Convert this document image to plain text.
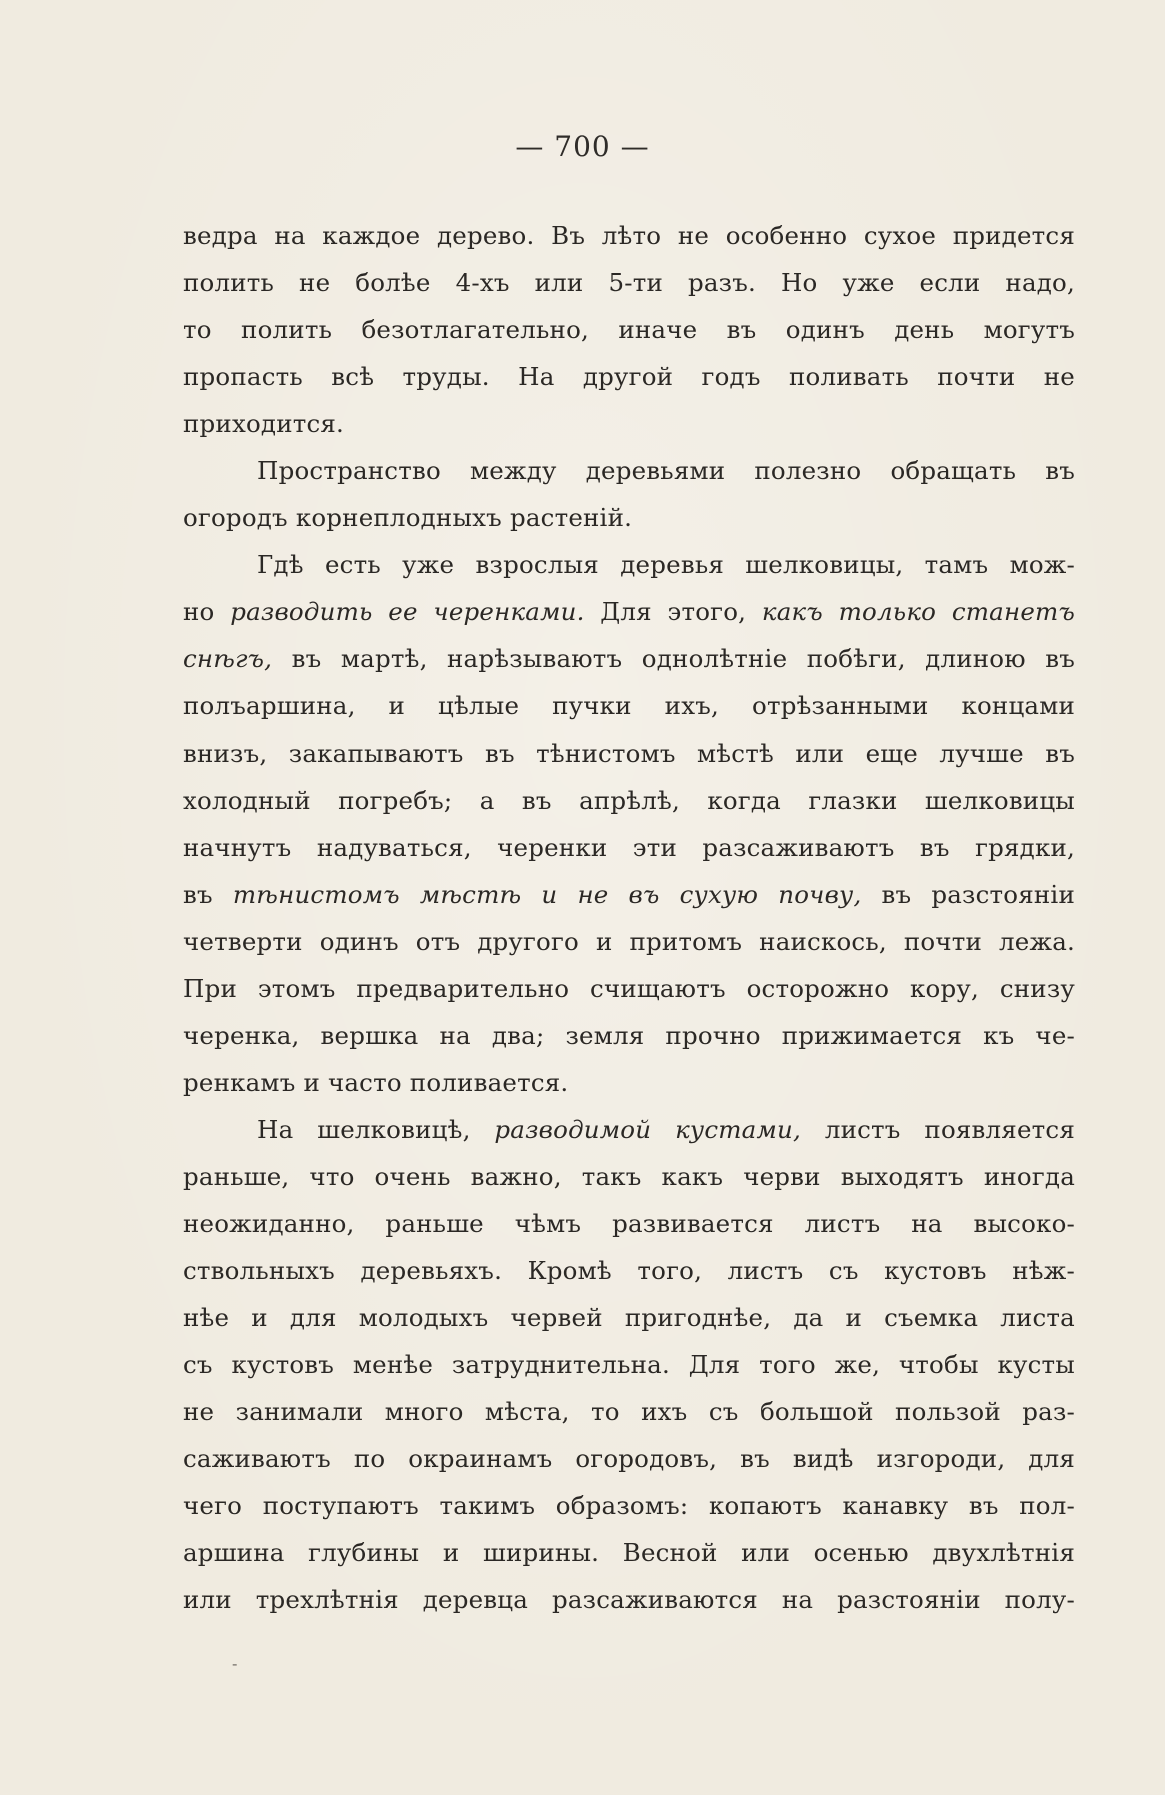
— 700 —
ведра на каждое дерево. Въ лѣто не особенно сухое придется
полить не болѣе 4-хъ или 5-ти разъ. Но уже если надо,
то полить безотлагательно, иначе въ одинъ день могутъ
пропасть всѣ труды. На другой годъ поливать почти не
приходится.
Пространство между деревьями полезно обращать въ
огородъ корнеплодныхъ растеній.
Гдѣ есть уже взрослыя деревья шелковицы, тамъ мож-
но разводить ее черенками. Для этого, какъ только станетъ
снѣгъ, въ мартѣ, нарѣзываютъ однолѣтніе побѣги, длиною въ
полъаршина, и цѣлые пучки ихъ, отрѣзанными концами
внизъ, закапываютъ въ тѣнистомъ мѣстѣ или еще лучше въ
холодный погребъ; а въ апрѣлѣ, когда глазки шелковицы
начнутъ надуваться, черенки эти разсаживаютъ въ грядки,
въ тѣнистомъ мѣстѣ и не въ сухую почву, въ разстояніи
четверти одинъ отъ другого и притомъ наискось, почти лежа.
При этомъ предварительно счищаютъ осторожно кору, снизу
черенка, вершка на два; земля прочно прижимается къ че-
ренкамъ и часто поливается.
На шелковицѣ, разводимой кустами, листъ появляется
раньше, что очень важно, такъ какъ черви выходятъ иногда
неожиданно, раньше чѣмъ развивается листъ на высоко-
ствольныхъ деревьяхъ. Кромѣ того, листъ съ кустовъ нѣж-
нѣе и для молодыхъ червей пригоднѣе, да и съемка листа
съ кустовъ менѣе затруднительна. Для того же, чтобы кусты
не занимали много мѣста, то ихъ съ большой пользой раз-
саживаютъ по окраинамъ огородовъ, въ видѣ изгороди, для
чего поступаютъ такимъ образомъ: копаютъ канавку въ пол-
аршина глубины и ширины. Весной или осенью двухлѣтнія
или трехлѣтнія деревца разсаживаются на разстояніи полу-
-
